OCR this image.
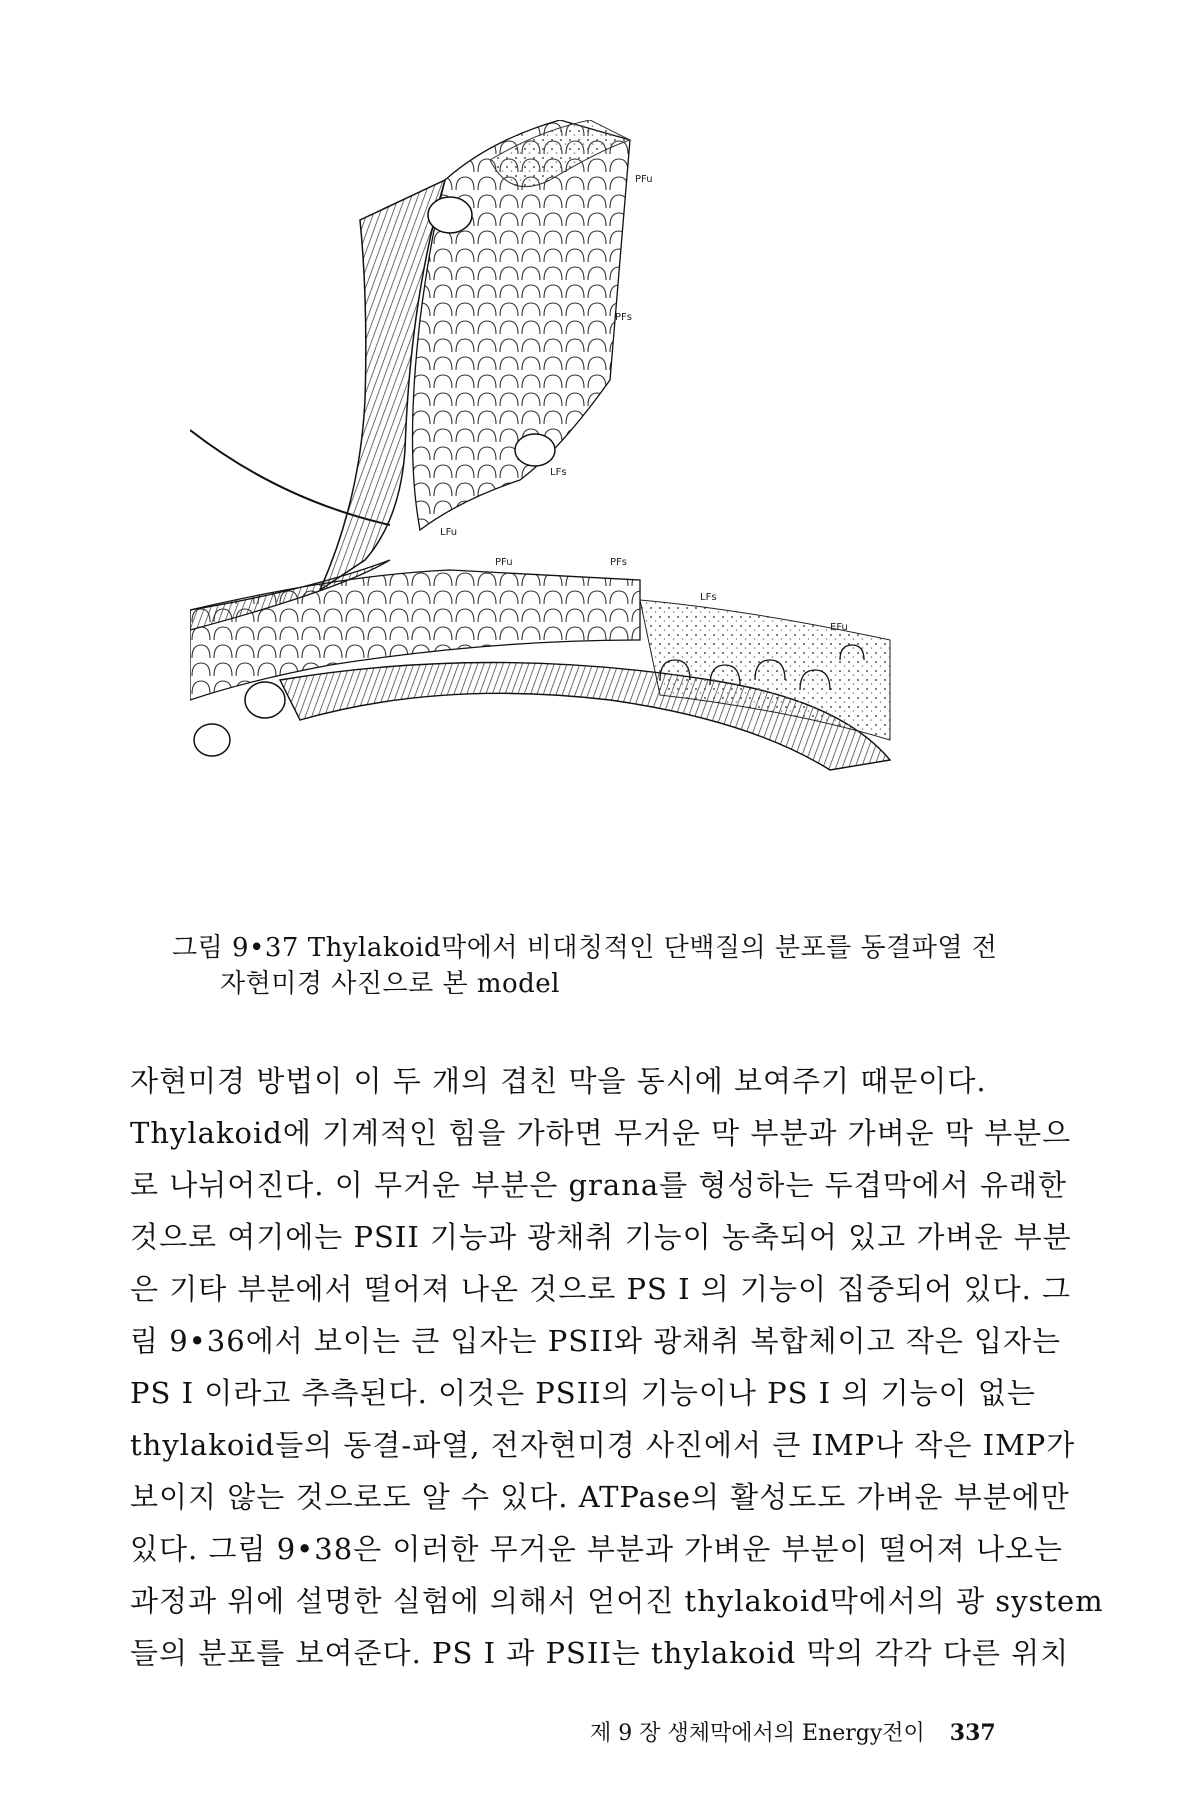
PFu
PFs
LFs
LFu
PFu	PFs
LFs
EFu
그림 9•37 Thylakoid막에서 비대칭적인 단백질의 분포를 동결파열 전
자현미경 사진으로 본 model
자현미경 방법이 이 두 개의 겹친 막을 동시에 보여주기 때문이다.
Thylakoid에 기계적인 힘을 가하면 무거운 막 부분과 가벼운 막 부분으
로 나뉘어진다. 이 무거운 부분은 grana를 형성하는 두겹막에서 유래한
것으로 여기에는 PSII 기능과 광채취 기능이 농축되어 있고 가벼운 부분
은 기타 부분에서 떨어져 나온 것으로 PS I 의 기능이 집중되어 있다. 그
림 9•36에서 보이는 큰 입자는 PSII와 광채취 복합체이고 작은 입자는
PS I 이라고 추측된다. 이것은 PSII의 기능이나 PS I 의 기능이 없는
thylakoid들의 동결-파열, 전자현미경 사진에서 큰 IMP나 작은 IMP가
보이지 않는 것으로도 알 수 있다. ATPase의 활성도도 가벼운 부분에만
있다. 그림 9•38은 이러한 무거운 부분과 가벼운 부분이 떨어져 나오는
과정과 위에 설명한 실험에 의해서 얻어진 thylakoid막에서의 광 system
들의 분포를 보여준다. PS I 과 PSII는 thylakoid 막의 각각 다른 위치
제 9 장 생체막에서의 Energy전이 337
